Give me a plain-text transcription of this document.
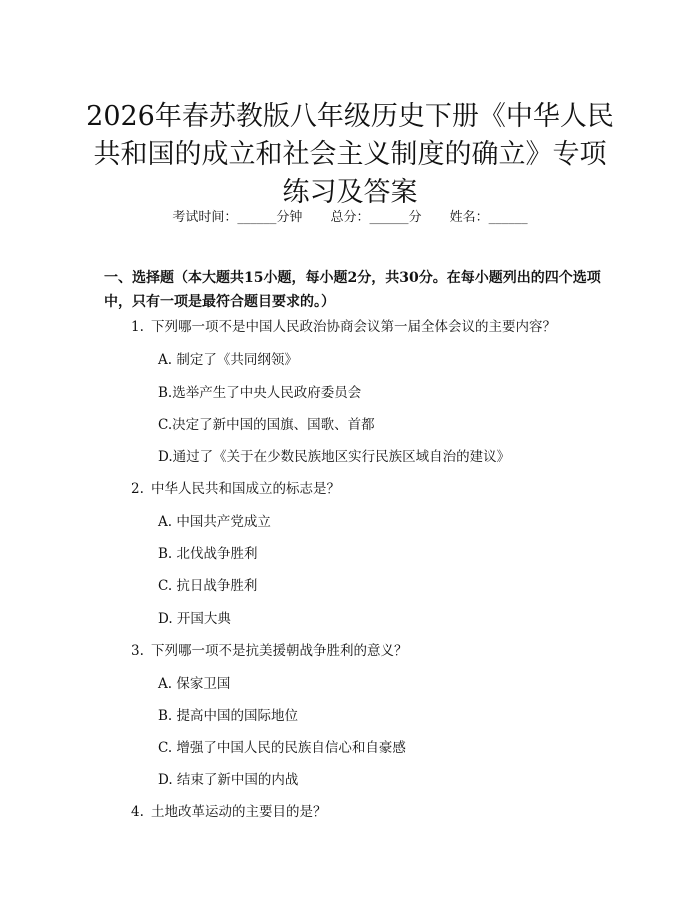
2026年春苏教版八年级历史下册《中华人民
共和国的成立和社会主义制度的确立》专项
练习及答案
考试时间：______分钟 总分：______分 姓名：______
一、选择题（本大题共15小题，每小题2分，共30分。在每小题列出的四个选项中，只有一项是最符合题目要求的。）
1. 下列哪一项不是中国人民政治协商会议第一届全体会议的主要内容？
A. 制定了《共同纲领》
B.选举产生了中央人民政府委员会
C.决定了新中国的国旗、国歌、首都
D.通过了《关于在少数民族地区实行民族区域自治的建议》
2. 中华人民共和国成立的标志是？
A. 中国共产党成立
B. 北伐战争胜利
C. 抗日战争胜利
D. 开国大典
3. 下列哪一项不是抗美援朝战争胜利的意义？
A. 保家卫国
B. 提高中国的国际地位
C. 增强了中国人民的民族自信心和自豪感
D. 结束了新中国的内战
4. 土地改革运动的主要目的是？
